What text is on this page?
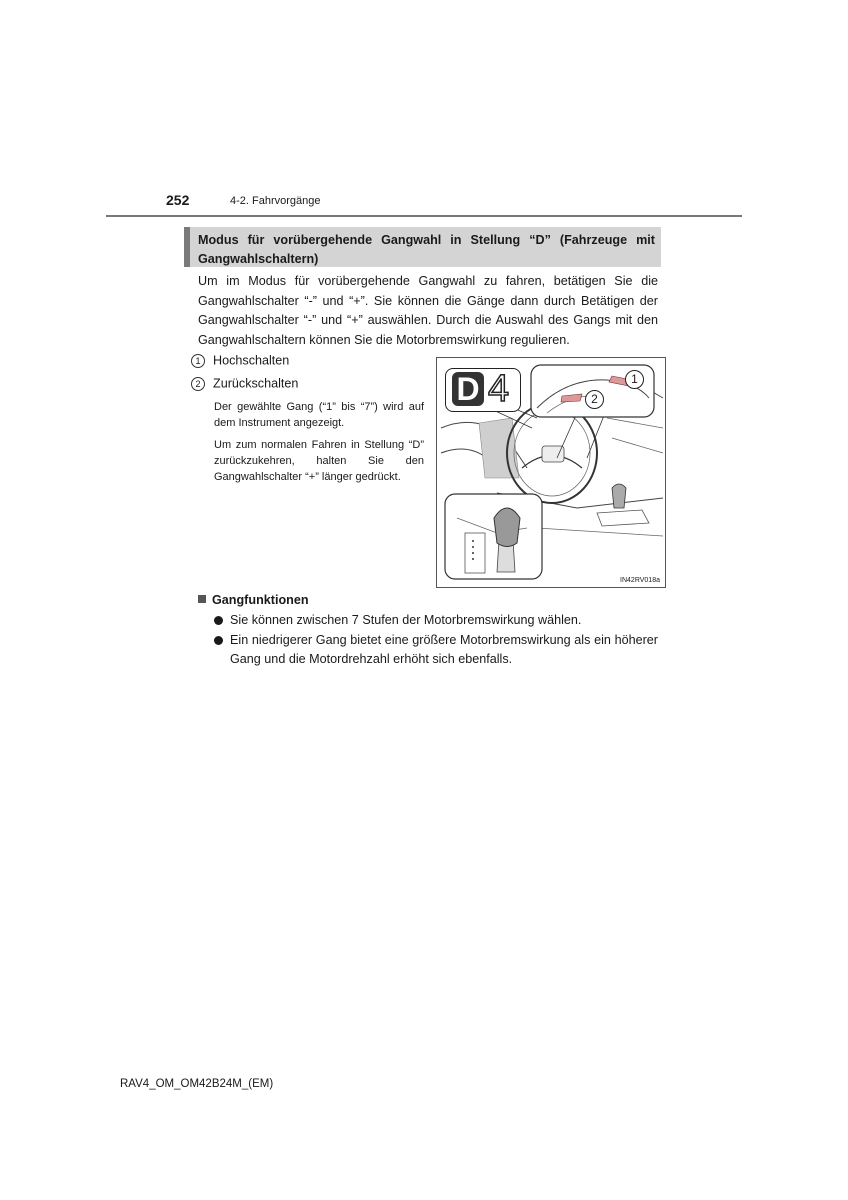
252	4-2. Fahrvorgänge
Modus für vorübergehende Gangwahl in Stellung “D” (Fahrzeuge mit Gangwahlschaltern)
Um im Modus für vorübergehende Gangwahl zu fahren, betätigen Sie die Gangwahlschalter “-” und “+”. Sie können die Gänge dann durch Betätigen der Gangwahlschalter “-” und “+” auswählen. Durch die Auswahl des Gangs mit den Gangwahlschaltern können Sie die Motorbremswirkung regulieren.
1 Hochschalten
2 Zurückschalten
Der gewählte Gang (“1” bis “7”) wird auf dem Instrument angezeigt.
Um zum normalen Fahren in Stellung “D” zurückzukehren, halten Sie den Gangwahlschalter “+” länger gedrückt.
D 4	1
2
IN42RV018a
Gangfunktionen
Sie können zwischen 7 Stufen der Motorbremswirkung wählen.
Ein niedrigerer Gang bietet eine größere Motorbremswirkung als ein höherer Gang und die Motordrehzahl erhöht sich ebenfalls.
RAV4_OM_OM42B24M_(EM)
